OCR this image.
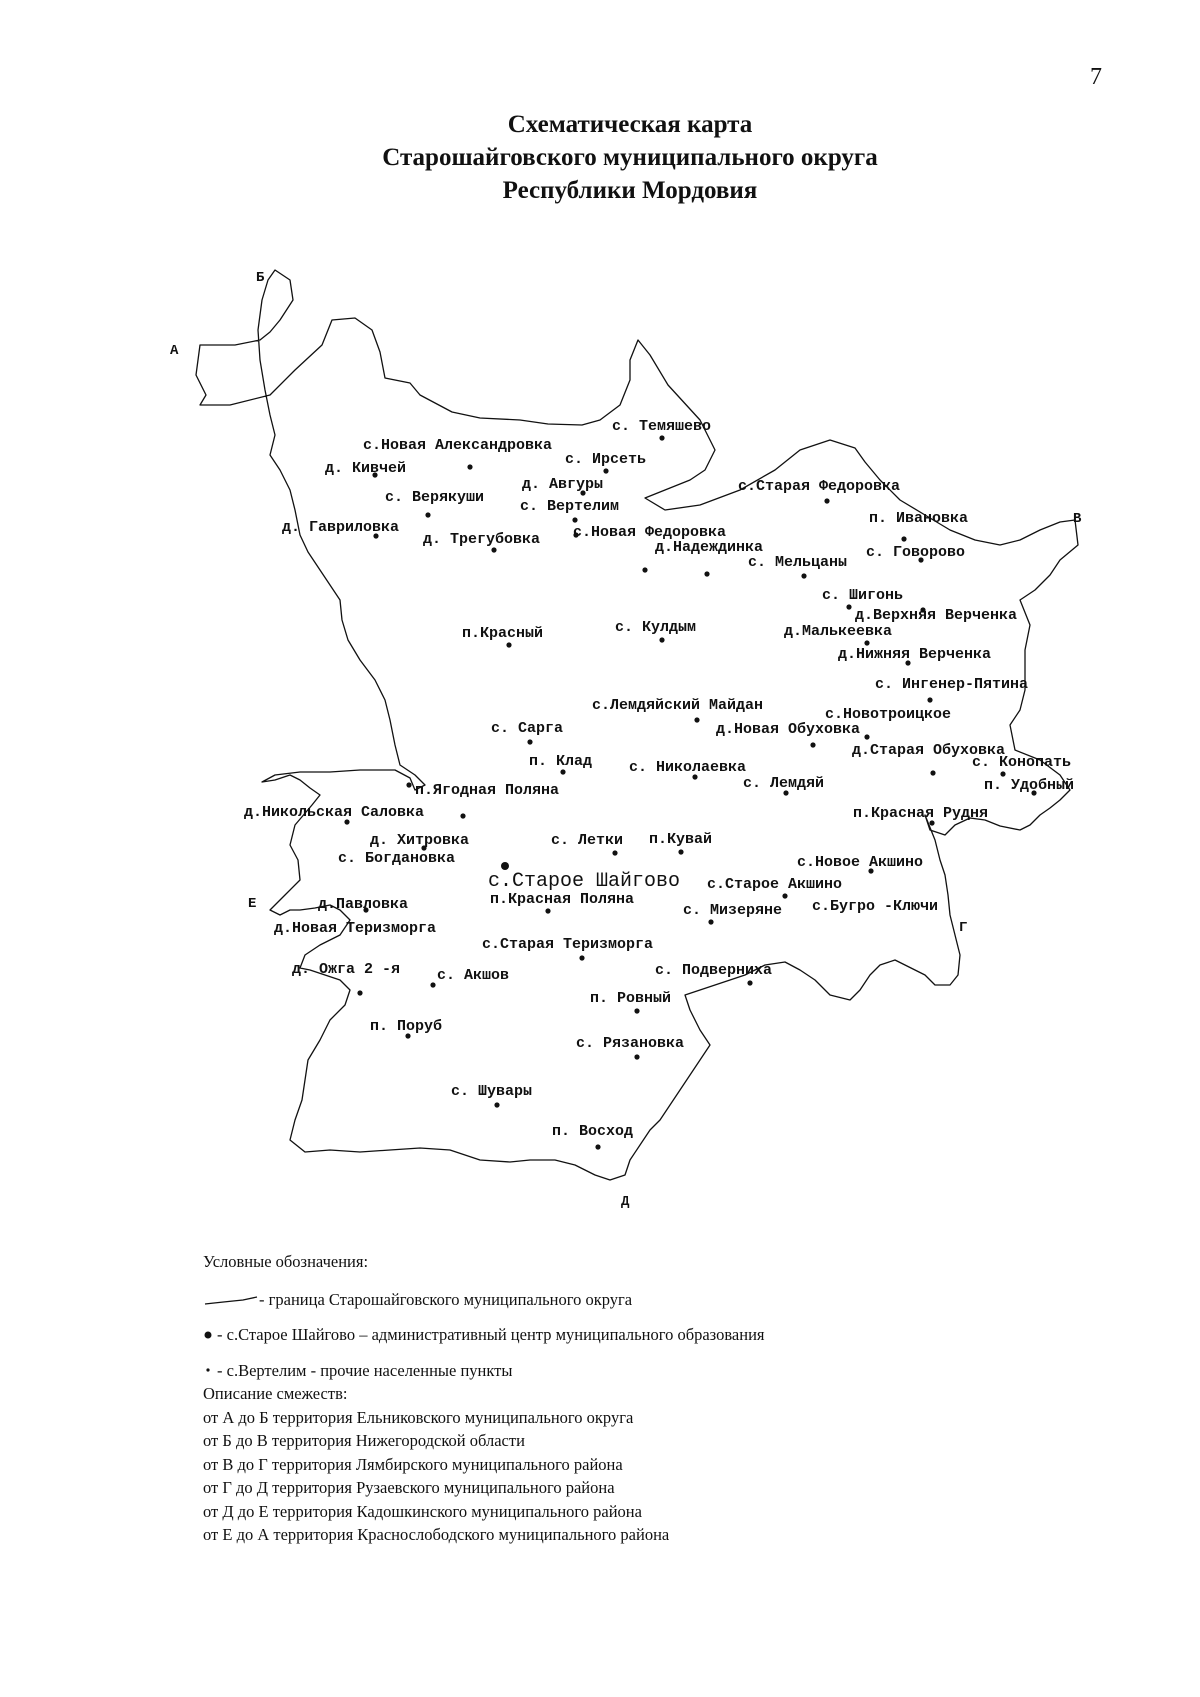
7
Схематическая карта
Старошайговского муниципального округа
Республики Мордовия
Б
А
В
Г
Д
Е
с. Темяшево
с.Новая Александровка
с. Ирсеть
д. Кивчей
д. Авгуры	с.Старая Федоровка
с. Верякуши
с. Вертелим
п. Ивановка
д. Гавриловка
д. Трегубовка с.Новая Федоровка
д.Надеждинка
с. Мельцаны
с. Говорово
с. Шигонь
д.Верхняя Верченка
п.Красный	с. Кулдым	д.Малькеевка
д.Нижняя Верченка
с. Ингенер-Пятина
с.Лемдяйский Майдан
с.Новотроицкое
с. Сарга	д.Новая Обуховка
д.Старая Обуховка
п. Клад с. Николаевка	с. Конопать
п.Ягодная Поляна	с. Лемдяй	п. Удобный
д.Никольская Саловка	п.Красная Рудня
д. Хитровка	с. Летки п.Кувай
с. Богдановка	с.Новое Акшино
с.Старое Шайгово с.Старое Акшино
д.Павловка	п.Красная Поляна
с. Мизеряне с.Бугро -Ключи
д.Новая Теризморга
с.Старая Теризморга
д. Ожга 2 -я с. Акшов	с. Подверниха
п. Ровный
п. Поруб
с. Рязановка
с. Шувары
п. Восход
Условные обозначения:
- граница Старошайговского муниципального округа
- с.Старое Шайгово – административный центр муниципального образования
- с.Вертелим - прочие населенные пункты
Описание смежеств:
от А до Б территория Ельниковского муниципального округа
от Б до В территория Нижегородской области
от В до Г территория Лямбирского муниципального района
от Г до Д территория Рузаевского муниципального района
от Д до Е территория Кадошкинского муниципального района
от Е до А территория Краснослободского муниципального района
